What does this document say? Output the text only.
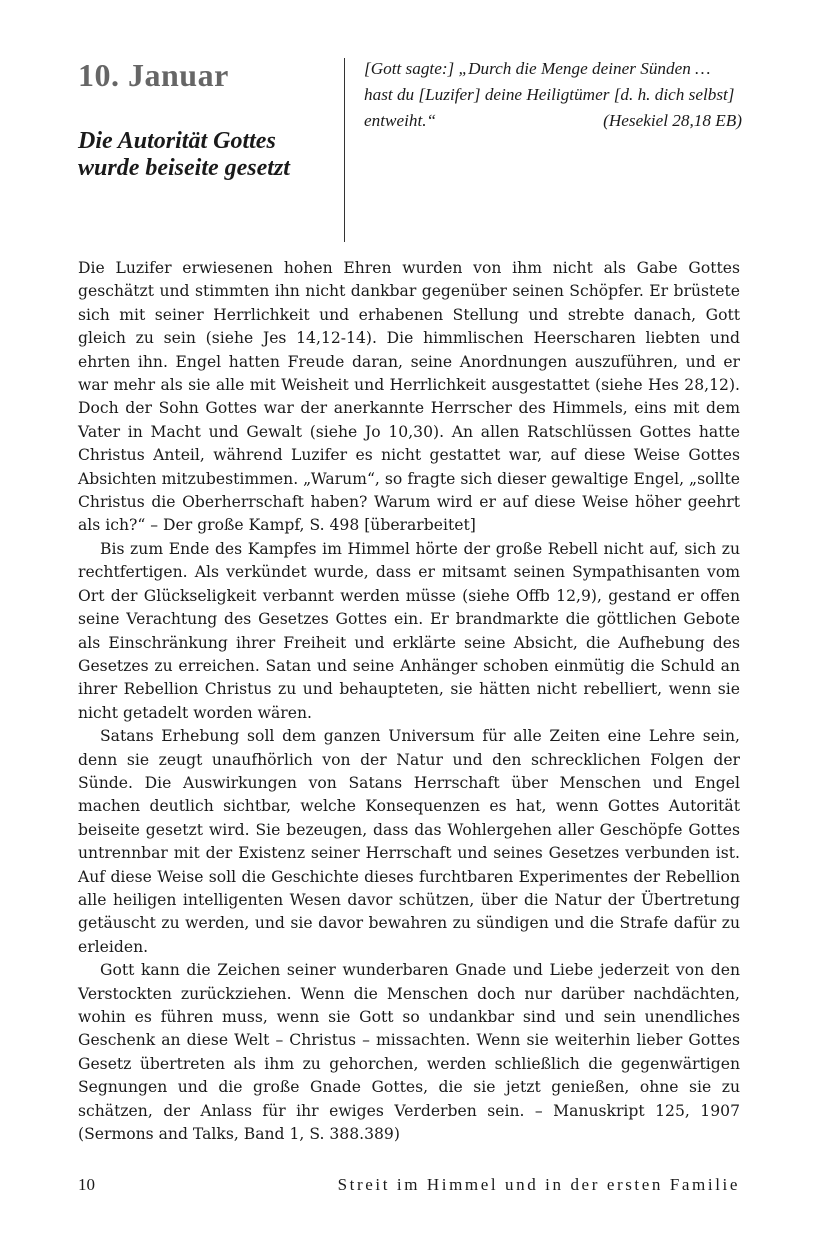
10. Januar
Die Autorität Gottes wurde beiseite gesetzt
[Gott sagte:] „Durch die Menge deiner Sünden … hast du [Luzifer] deine Heiligtümer [d. h. dich selbst] entweiht.“	(Hesekiel 28,18 EB)

Die Luzifer erwiesenen hohen Ehren wurden von ihm nicht als Gabe Gottes geschätzt und stimmten ihn nicht dankbar gegenüber seinen Schöpfer. Er brüstete sich mit seiner Herrlichkeit und erhabenen Stellung und strebte danach, Gott gleich zu sein (siehe Jes 14,12-14). Die himmlischen Heerscharen liebten und ehrten ihn. Engel hatten Freude daran, seine Anordnungen auszuführen, und er war mehr als sie alle mit Weisheit und Herrlichkeit ausgestattet (siehe Hes 28,12). Doch der Sohn Gottes war der anerkannte Herrscher des Himmels, eins mit dem Vater in Macht und Gewalt (siehe Jo 10,30). An allen Ratschlüssen Gottes hatte Christus Anteil, während Luzifer es nicht gestattet war, auf diese Weise Gottes Absichten mitzubestimmen. „Warum“, so fragte sich dieser gewaltige Engel, „sollte Christus die Oberherrschaft haben? Warum wird er auf diese Weise höher geehrt als ich?“ – Der große Kampf, S. 498 [überarbeitet]

Bis zum Ende des Kampfes im Himmel hörte der große Rebell nicht auf, sich zu rechtfertigen. Als verkündet wurde, dass er mitsamt seinen Sympathisanten vom Ort der Glückseligkeit verbannt werden müsse (siehe Offb 12,9), gestand er offen seine Verachtung des Gesetzes Gottes ein. Er brandmarkte die göttlichen Gebote als Einschränkung ihrer Freiheit und erklärte seine Absicht, die Aufhebung des Gesetzes zu erreichen. Satan und seine Anhänger schoben einmütig die Schuld an ihrer Rebellion Christus zu und behaupteten, sie hätten nicht rebelliert, wenn sie nicht getadelt worden wären.

Satans Erhebung soll dem ganzen Universum für alle Zeiten eine Lehre sein, denn sie zeugt unaufhörlich von der Natur und den schrecklichen Folgen der Sünde. Die Auswirkungen von Satans Herrschaft über Menschen und Engel machen deutlich sichtbar, welche Konsequenzen es hat, wenn Gottes Autorität beiseite gesetzt wird. Sie bezeugen, dass das Wohlergehen aller Geschöpfe Gottes untrennbar mit der Existenz seiner Herrschaft und seines Gesetzes verbunden ist. Auf diese Weise soll die Geschichte dieses furchtbaren Experimentes der Rebellion alle heiligen intelligenten Wesen davor schützen, über die Natur der Übertretung getäuscht zu werden, und sie davor bewahren zu sündigen und die Strafe dafür zu erleiden.

Gott kann die Zeichen seiner wunderbaren Gnade und Liebe jederzeit von den Verstockten zurückziehen. Wenn die Menschen doch nur darüber nachdächten, wohin es führen muss, wenn sie Gott so undankbar sind und sein unendliches Geschenk an diese Welt – Christus – missachten. Wenn sie weiterhin lieber Gottes Gesetz übertreten als ihm zu gehorchen, werden schließlich die gegenwärtigen Segnungen und die große Gnade Gottes, die sie jetzt genießen, ohne sie zu schätzen, der Anlass für ihr ewiges Verderben sein. – Manuskript 125, 1907 (Sermons and Talks, Band 1, S. 388.389)

10	Streit im Himmel und in der ersten Familie
